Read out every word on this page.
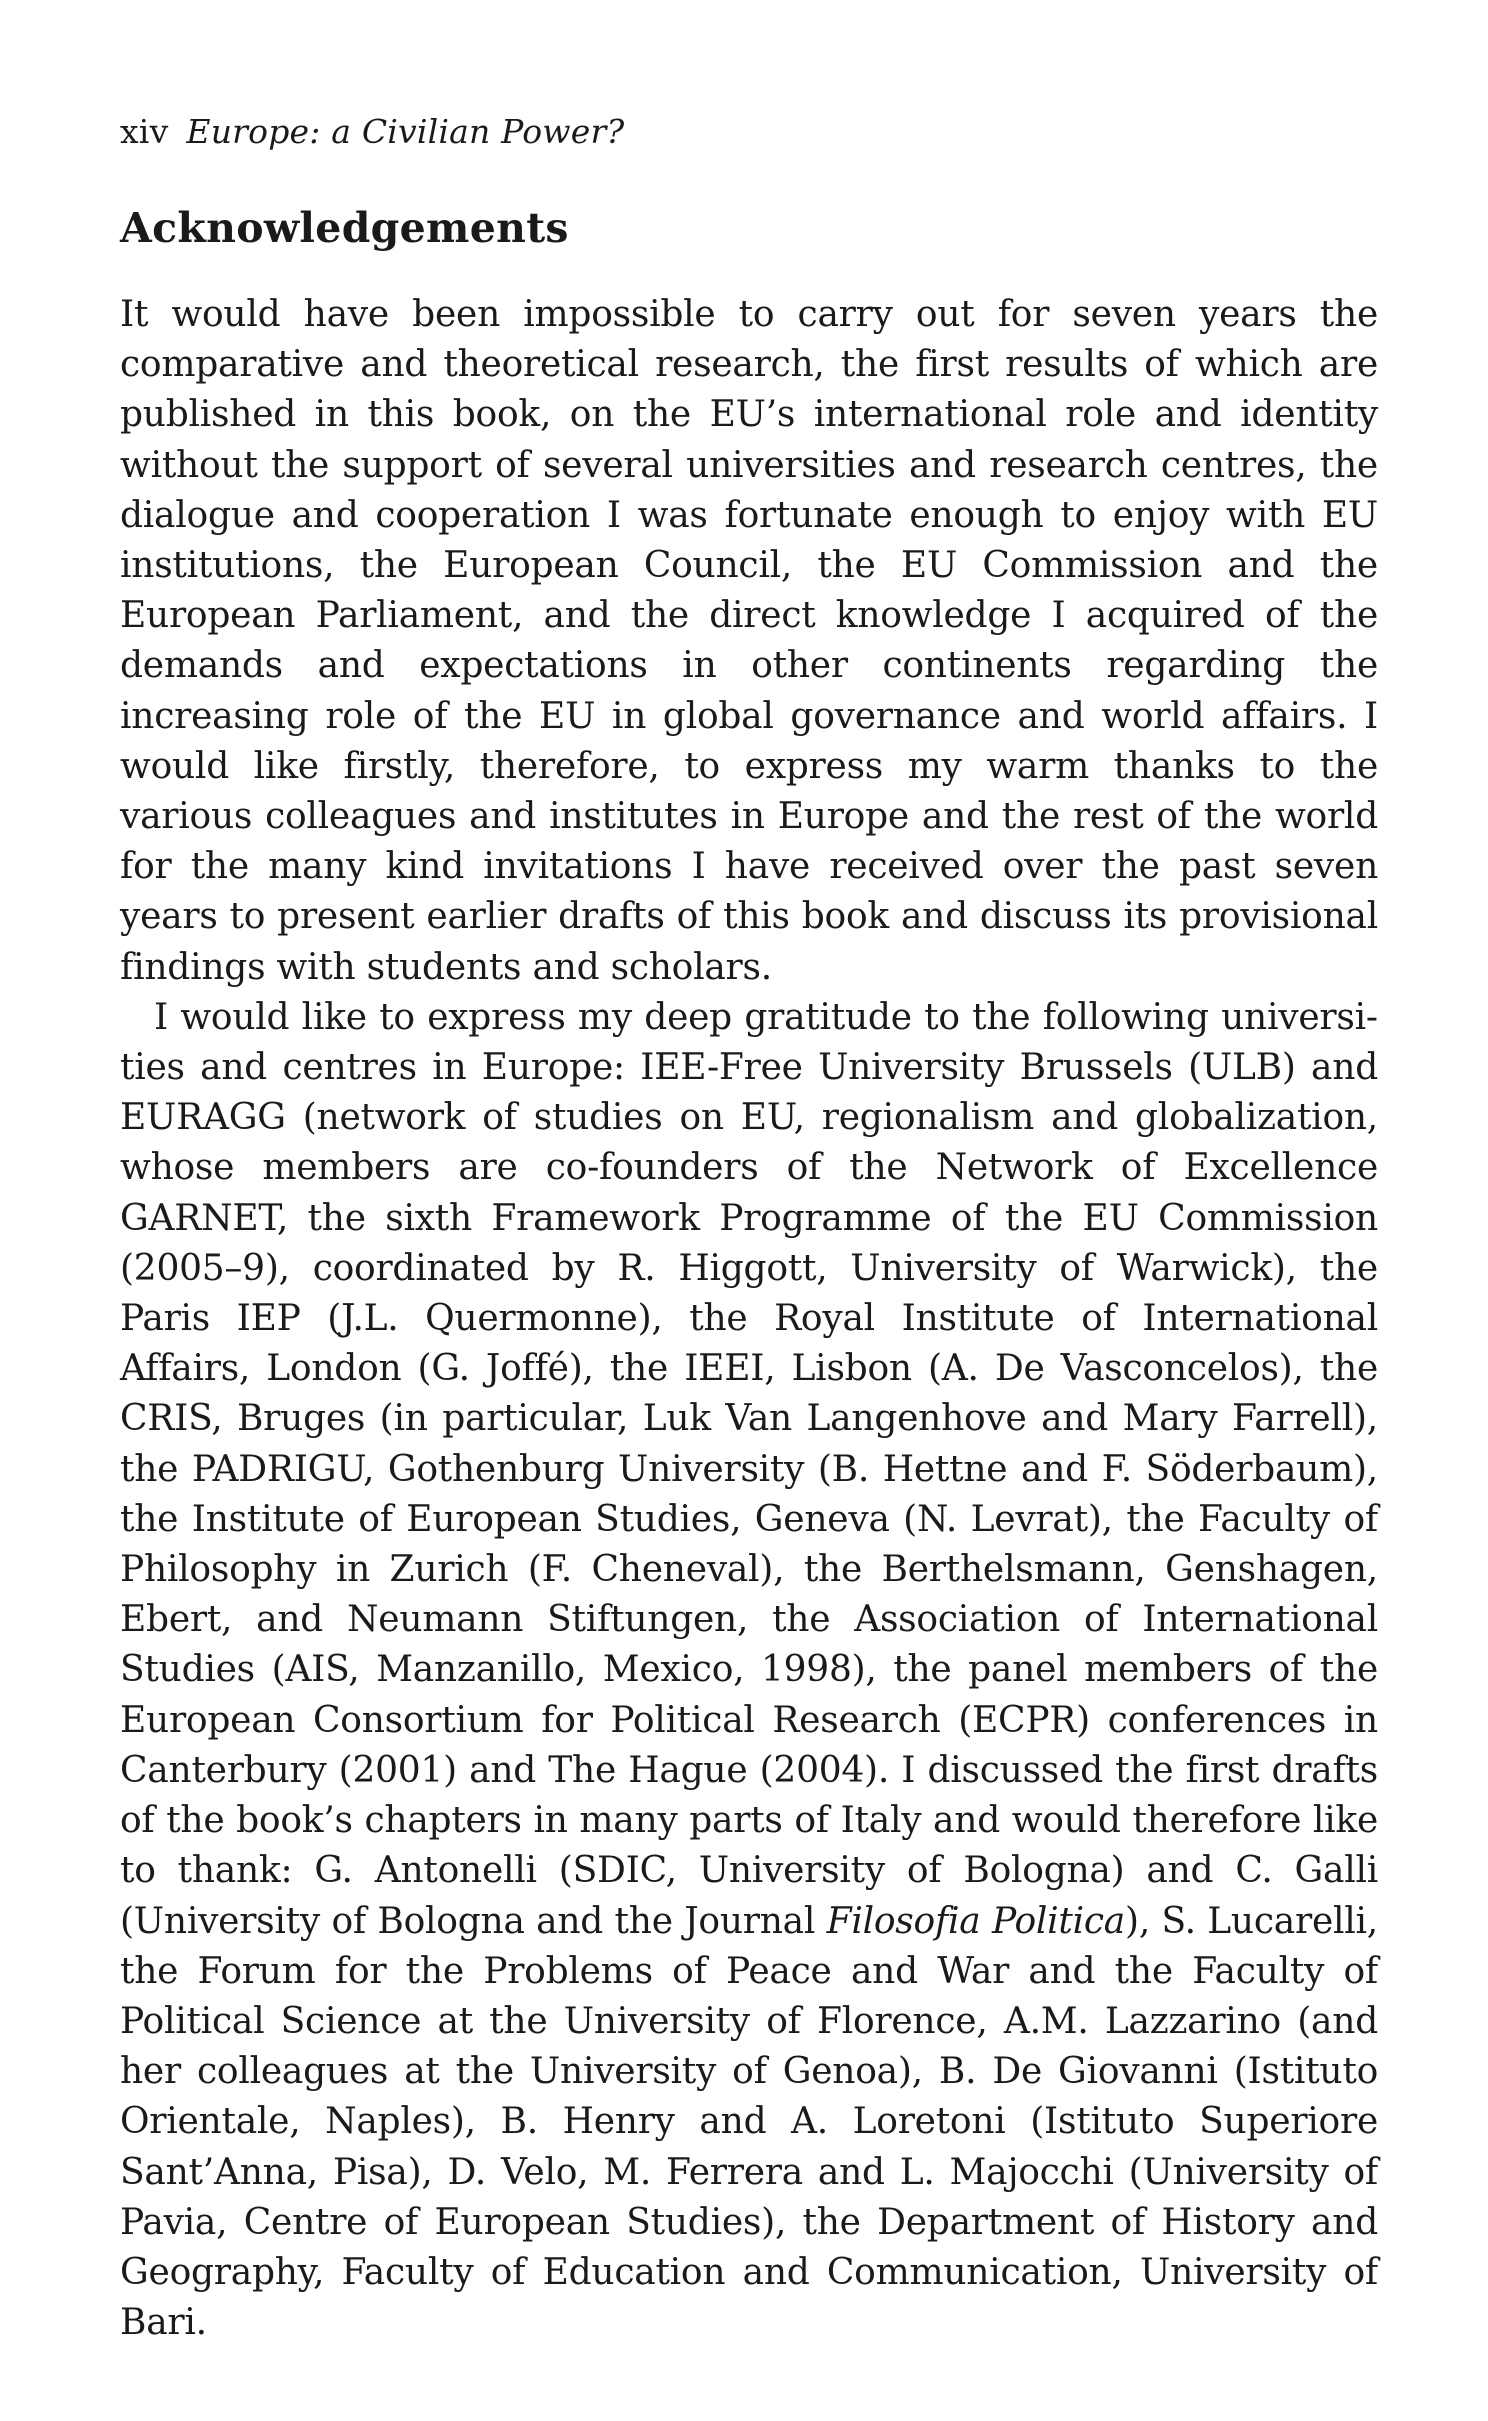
xiv Europe: a Civilian Power?

Acknowledgements

It would have been impossible to carry out for seven years the comparative and theoretical research, the first results of which are published in this book, on the EU’s international role and identity without the support of several universities and research centres, the dialogue and cooperation I was fortunate enough to enjoy with EU institutions, the European Council, the EU Commission and the European Parliament, and the direct knowledge I acquired of the demands and expectations in other continents regarding the increasing role of the EU in global governance and world affairs. I would like firstly, therefore, to express my warm thanks to the various colleagues and institutes in Europe and the rest of the world for the many kind invitations I have received over the past seven years to present earlier drafts of this book and discuss its provisional findings with students and scholars.

I would like to express my deep gratitude to the following universities and centres in Europe: IEE-Free University Brussels (ULB) and EURAGG (network of studies on EU, regionalism and globalization, whose members are co-founders of the Network of Excellence GARNET, the sixth Framework Programme of the EU Commission (2005–9), coordinated by R. Higgott, University of Warwick), the Paris IEP (J.L. Quermonne), the Royal Institute of International Affairs, London (G. Joffé), the IEEI, Lisbon (A. De Vasconcelos), the CRIS, Bruges (in particular, Luk Van Langenhove and Mary Farrell), the PADRIGU, Gothenburg University (B. Hettne and F. Söderbaum), the Institute of European Studies, Geneva (N. Levrat), the Faculty of Philosophy in Zurich (F. Cheneval), the Berthelsmann, Genshagen, Ebert, and Neumann Stiftungen, the Association of International Studies (AIS, Manzanillo, Mexico, 1998), the panel members of the European Consortium for Political Research (ECPR) conferences in Canterbury (2001) and The Hague (2004). I discussed the first drafts of the book’s chapters in many parts of Italy and would therefore like to thank: G. Antonelli (SDIC, University of Bologna) and C. Galli (University of Bologna and the Journal Filosofia Politica), S. Lucarelli, the Forum for the Problems of Peace and War and the Faculty of Political Science at the University of Florence, A.M. Lazzarino (and her colleagues at the University of Genoa), B. De Giovanni (Istituto Orientale, Naples), B. Henry and A. Loretoni (Istituto Superiore Sant’Anna, Pisa), D. Velo, M. Ferrera and L. Majocchi (University of Pavia, Centre of European Studies), the Department of History and Geography, Faculty of Education and Communication, University of Bari.
